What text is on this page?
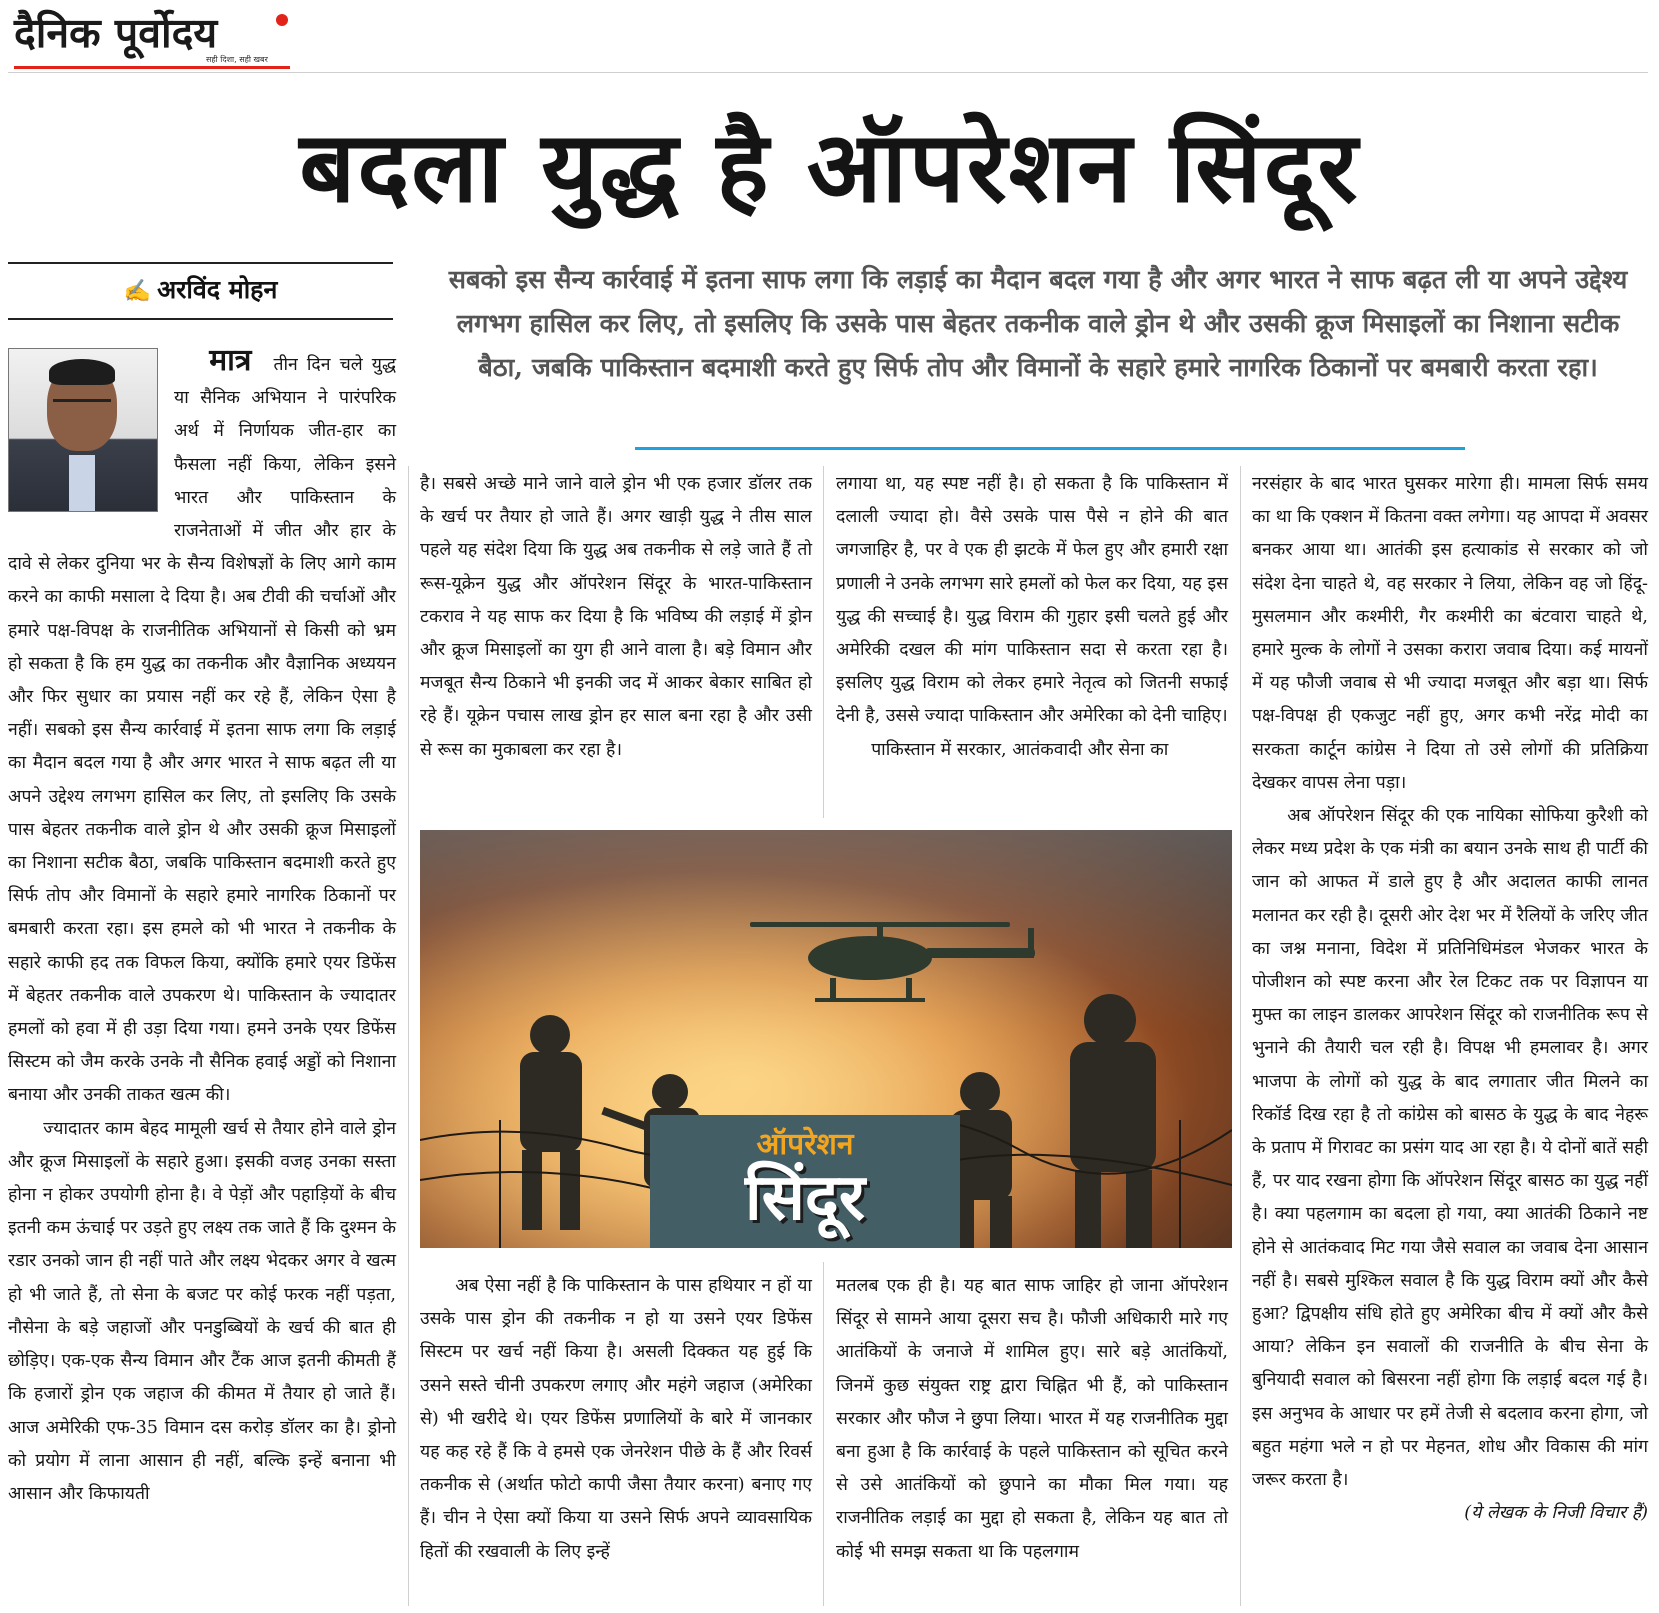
दैनिक पूर्वोदय
सही दिशा, सही खबर
बदला युद्ध है ऑपरेशन सिंदूर
✍ अरविंद मोहन	सबको इस सैन्य कार्रवाई में इतना साफ लगा कि लड़ाई का मैदान बदल गया है और अगर भारत ने साफ बढ़त ली या अपने उद्देश्य लगभग हासिल कर लिए, तो इसलिए कि उसके पास बेहतर तकनीक वाले ड्रोन थे और उसकी क्रूज मिसाइलों का निशाना सटीक बैठा, जबकि पाकिस्तान बदमाशी करते हुए सिर्फ तोप और विमानों के सहारे हमारे नागरिक ठिकानों पर बमबारी करता रहा।

मात्र तीन दिन चले युद्ध या सैनिक अभियान ने पारंपरिक अर्थ में निर्णायक जीत-हार का फैसला नहीं किया, लेकिन इसने भारत और पाकिस्तान के राजनेताओं में जीत और हार के दावे से लेकर दुनिया भर के सैन्य विशेषज्ञों के लिए आगे काम करने का काफी मसाला दे दिया है। अब टीवी की चर्चाओं और हमारे पक्ष-विपक्ष के राजनीतिक अभियानों से किसी को भ्रम हो सकता है कि हम युद्ध का तकनीक और वैज्ञानिक अध्ययन और फिर सुधार का प्रयास नहीं कर रहे हैं, लेकिन ऐसा है नहीं। सबको इस सैन्य कार्रवाई में इतना साफ लगा कि लड़ाई का मैदान बदल गया है और अगर भारत ने साफ बढ़त ली या अपने उद्देश्य लगभग हासिल कर लिए, तो इसलिए कि उसके पास बेहतर तकनीक वाले ड्रोन थे और उसकी क्रूज मिसाइलों का निशाना सटीक बैठा, जबकि पाकिस्तान बदमाशी करते हुए सिर्फ तोप और विमानों के सहारे हमारे नागरिक ठिकानों पर बमबारी करता रहा। इस हमले को भी भारत ने तकनीक के सहारे काफी हद तक विफल किया, क्योंकि हमारे एयर डिफेंस में बेहतर तकनीक वाले उपकरण थे। पाकिस्तान के ज्यादातर हमलों को हवा में ही उड़ा दिया गया। हमने उनके एयर डिफेंस सिस्टम को जैम करके उनके नौ सैनिक हवाई अड्डों को निशाना बनाया और उनकी ताकत खत्म की।

ज्यादातर काम बेहद मामूली खर्च से तैयार होने वाले ड्रोन और क्रूज मिसाइलों के सहारे हुआ। इसकी वजह उनका सस्ता होना न होकर उपयोगी होना है। वे पेड़ों और पहाड़ियों के बीच इतनी कम ऊंचाई पर उड़ते हुए लक्ष्य तक जाते हैं कि दुश्मन के रडार उनको जान ही नहीं पाते और लक्ष्य भेदकर अगर वे खत्म हो भी जाते हैं, तो सेना के बजट पर कोई फरक नहीं पड़ता, नौसेना के बड़े जहाजों और पनडुब्बियों के खर्च की बात ही छोड़िए। एक-एक सैन्य विमान और टैंक आज इतनी कीमती हैं कि हजारों ड्रोन एक जहाज की कीमत में तैयार हो जाते हैं। आज अमेरिकी एफ-35 विमान दस करोड़ डॉलर का है। ड्रोनो को प्रयोग में लाना आसान ही नहीं, बल्कि इन्हें बनाना भी आसान और किफायती

है। सबसे अच्छे माने जाने वाले ड्रोन भी एक हजार डॉलर तक के खर्च पर तैयार हो जाते हैं। अगर खाड़ी युद्ध ने तीस साल पहले यह संदेश दिया कि युद्ध अब तकनीक से लड़े जाते हैं तो रूस-यूक्रेन युद्ध और ऑपरेशन सिंदूर के भारत-पाकिस्तान टकराव ने यह साफ कर दिया है कि भविष्य की लड़ाई में ड्रोन और क्रूज मिसाइलों का युग ही आने वाला है। बड़े विमान और मजबूत सैन्य ठिकाने भी इनकी जद में आकर बेकार साबित हो रहे हैं। यूक्रेन पचास लाख ड्रोन हर साल बना रहा है और उसी से रूस का मुकाबला कर रहा है।

लगाया था, यह स्पष्ट नहीं है। हो सकता है कि पाकिस्तान में दलाली ज्यादा हो। वैसे उसके पास पैसे न होने की बात जगजाहिर है, पर वे एक ही झटके में फेल हुए और हमारी रक्षा प्रणाली ने उनके लगभग सारे हमलों को फेल कर दिया, यह इस युद्ध की सच्चाई है। युद्ध विराम की गुहार इसी चलते हुई और अमेरिकी दखल की मांग पाकिस्तान सदा से करता रहा है। इसलिए युद्ध विराम को लेकर हमारे नेतृत्व को जितनी सफाई देनी है, उससे ज्यादा पाकिस्तान और अमेरिका को देनी चाहिए।

पाकिस्तान में सरकार, आतंकवादी और सेना का

ऑपरेशन
सिंदूर

अब ऐसा नहीं है कि पाकिस्तान के पास हथियार न हों या उसके पास ड्रोन की तकनीक न हो या उसने एयर डिफेंस सिस्टम पर खर्च नहीं किया है। असली दिक्कत यह हुई कि उसने सस्ते चीनी उपकरण लगाए और महंगे जहाज (अमेरिका से) भी खरीदे थे। एयर डिफेंस प्रणालियों के बारे में जानकार यह कह रहे हैं कि वे हमसे एक जेनरेशन पीछे के हैं और रिवर्स तकनीक से (अर्थात फोटो कापी जैसा तैयार करना) बनाए गए हैं। चीन ने ऐसा क्यों किया या उसने सिर्फ अपने व्यावसायिक हितों की रखवाली के लिए इन्हें

मतलब एक ही है। यह बात साफ जाहिर हो जाना ऑपरेशन सिंदूर से सामने आया दूसरा सच है। फौजी अधिकारी मारे गए आतंकियों के जनाजे में शामिल हुए। सारे बड़े आतंकियों, जिनमें कुछ संयुक्त राष्ट्र द्वारा चिह्नित भी हैं, को पाकिस्तान सरकार और फौज ने छुपा लिया। भारत में यह राजनीतिक मुद्दा बना हुआ है कि कार्रवाई के पहले पाकिस्तान को सूचित करने से उसे आतंकियों को छुपाने का मौका मिल गया। यह राजनीतिक लड़ाई का मुद्दा हो सकता है, लेकिन यह बात तो कोई भी समझ सकता था कि पहलगाम

नरसंहार के बाद भारत घुसकर मारेगा ही। मामला सिर्फ समय का था कि एक्शन में कितना वक्त लगेगा। यह आपदा में अवसर बनकर आया था। आतंकी इस हत्याकांड से सरकार को जो संदेश देना चाहते थे, वह सरकार ने लिया, लेकिन वह जो हिंदू-मुसलमान और कश्मीरी, गैर कश्मीरी का बंटवारा चाहते थे, हमारे मुल्क के लोगों ने उसका करारा जवाब दिया। कई मायनों में यह फौजी जवाब से भी ज्यादा मजबूत और बड़ा था। सिर्फ पक्ष-विपक्ष ही एकजुट नहीं हुए, अगर कभी नरेंद्र मोदी का सरकता कार्टून कांग्रेस ने दिया तो उसे लोगों की प्रतिक्रिया देखकर वापस लेना पड़ा।

अब ऑपरेशन सिंदूर की एक नायिका सोफिया कुरैशी को लेकर मध्य प्रदेश के एक मंत्री का बयान उनके साथ ही पार्टी की जान को आफत में डाले हुए है और अदालत काफी लानत मलानत कर रही है। दूसरी ओर देश भर में रैलियों के जरिए जीत का जश्न मनाना, विदेश में प्रतिनिधिमंडल भेजकर भारत के पोजीशन को स्पष्ट करना और रेल टिकट तक पर विज्ञापन या मुफ्त का लाइन डालकर आपरेशन सिंदूर को राजनीतिक रूप से भुनाने की तैयारी चल रही है। विपक्ष भी हमलावर है। अगर भाजपा के लोगों को युद्ध के बाद लगातार जीत मिलने का रिकॉर्ड दिख रहा है तो कांग्रेस को बासठ के युद्ध के बाद नेहरू के प्रताप में गिरावट का प्रसंग याद आ रहा है। ये दोनों बातें सही हैं, पर याद रखना होगा कि ऑपरेशन सिंदूर बासठ का युद्ध नहीं है। क्या पहलगाम का बदला हो गया, क्या आतंकी ठिकाने नष्ट होने से आतंकवाद मिट गया जैसे सवाल का जवाब देना आसान नहीं है। सबसे मुश्किल सवाल है कि युद्ध विराम क्यों और कैसे हुआ? द्विपक्षीय संधि होते हुए अमेरिका बीच में क्यों और कैसे आया? लेकिन इन सवालों की राजनीति के बीच सेना के बुनियादी सवाल को बिसरना नहीं होगा कि लड़ाई बदल गई है। इस अनुभव के आधार पर हमें तेजी से बदलाव करना होगा, जो बहुत महंगा भले न हो पर मेहनत, शोध और विकास की मांग जरूर करता है।

(ये लेखक के निजी विचार हैं)
